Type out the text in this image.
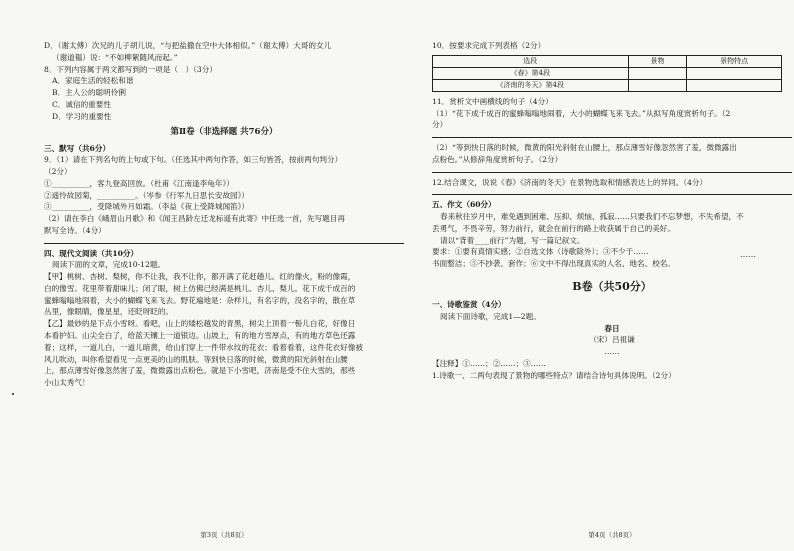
D．（谢太傅）次兄的儿子胡儿说，“与把盐撒在空中大体相似。”（谢太傅）大哥的女儿

（谢道韫）说：“不如柳絮随风而起。”

8．下列内容属于两文都写到的一项是（　）（3分）

A．家庭生活的轻松和谐

B．主人公的聪明伶俐

C．诚信的重要性

D．学习的重要性

第Ⅱ卷（非选择题 共76分）

三、默写（共6分）

9．（1）请在下列名句的上句或下句。（任选其中两句作答，如三句皆答，按前两句判分）

（2分）

①__________，客九登高回放。（杜甫《江南逢李龟年》）

②遥怜故园菊，__________。（岑参《行军九日思长安故园》）

③__________，受降城外月如霜。（李益《夜上受降城闻笛》）

（2）请在李白《峨眉山月歌》和《闻王昌龄左迁龙标遥有此寄》中任选一首，先写题目再

默写全诗。（4分）

四、现代文阅读（共10分）

阅读下面的文章，完成10-12题。

【甲】桃树、杏树、梨树，你不让我，我不让你，都开满了花赶趟儿。红的像火，粉的像霞，

白的像雪。花里带着甜味儿；闭了眼，树上仿佛已经满是桃儿、杏儿、梨儿。花下成千成百的

蜜蜂嗡嗡地闹着，大小的蝴蝶飞来飞去。野花遍地是：杂样儿，有名字的，没名字的，散在草

丛里，像眼睛，像星星，还眨呀眨的。

【乙】最妙的是下点小雪呀。看吧，山上的矮松越发的青黑，树尖上顶着一髻儿白花，好像日

本看护妇。山尖全白了，给蓝天镶上一道银边。山坡上，有的地方雪厚点，有的地方草色还露

着；这样，一道儿白，一道儿暗黄，给山们穿上一件带水纹的花衣；看着看着，这件花衣好像被

风儿吹动，叫你希望看见一点更美的山的肌肤。等到快日落的时候，微黄的阳光斜射在山腰

上，那点薄雪好像忽然害了羞，微微露出点粉色。就是下小雪吧，济南是受不住大雪的，那些

小山太秀气！

第3页（共8页）

10．按要求完成下列表格（2分）

选段	景物	景物特点
《春》第4段		
《济南的冬天》第4段		

11．赏析文中画横线的句子（4分）

（1）“花下成千成百的蜜蜂嗡嗡地闹着，大小的蝴蝶飞来飞去。”从拟写角度赏析句子。（2

分）

（2）“等到快日落的时候，微黄的阳光斜射在山腰上，那点薄雪好像忽然害了羞，微微露出

点粉色。”从修辞角度赏析句子。（2分）

12.结合课文，说说《春》《济南的冬天》在景物选取和情感表达上的异同。（4分）

五、作文（60分）

春来秋往岁月中，难免遇到困难、压抑、烦恼、孤寂……只要我们不忘梦想，不失希望，不

丢勇气，不畏辛劳，努力前行，就会在前行的路上收获属于自己的美好。

请以“背着____前行”为题，写一篇记叙文。

要求：①要有真情实感；②自选文体（诗歌除外）；③不少于……

书面整洁；⑤不抄袭、套作；⑥文中不得出现真实的人名、地名、校名。

B卷（共50分）

一、诗歌鉴赏（4分）

阅读下面诗歌，完成1—2题。

春日

（宋）吕祖谦

……

【注释】①……；②……；③……

1.诗歌一、二两句表现了景物的哪些特点？请结合诗句具体说明。（2分）

第4页（共8页）
……
